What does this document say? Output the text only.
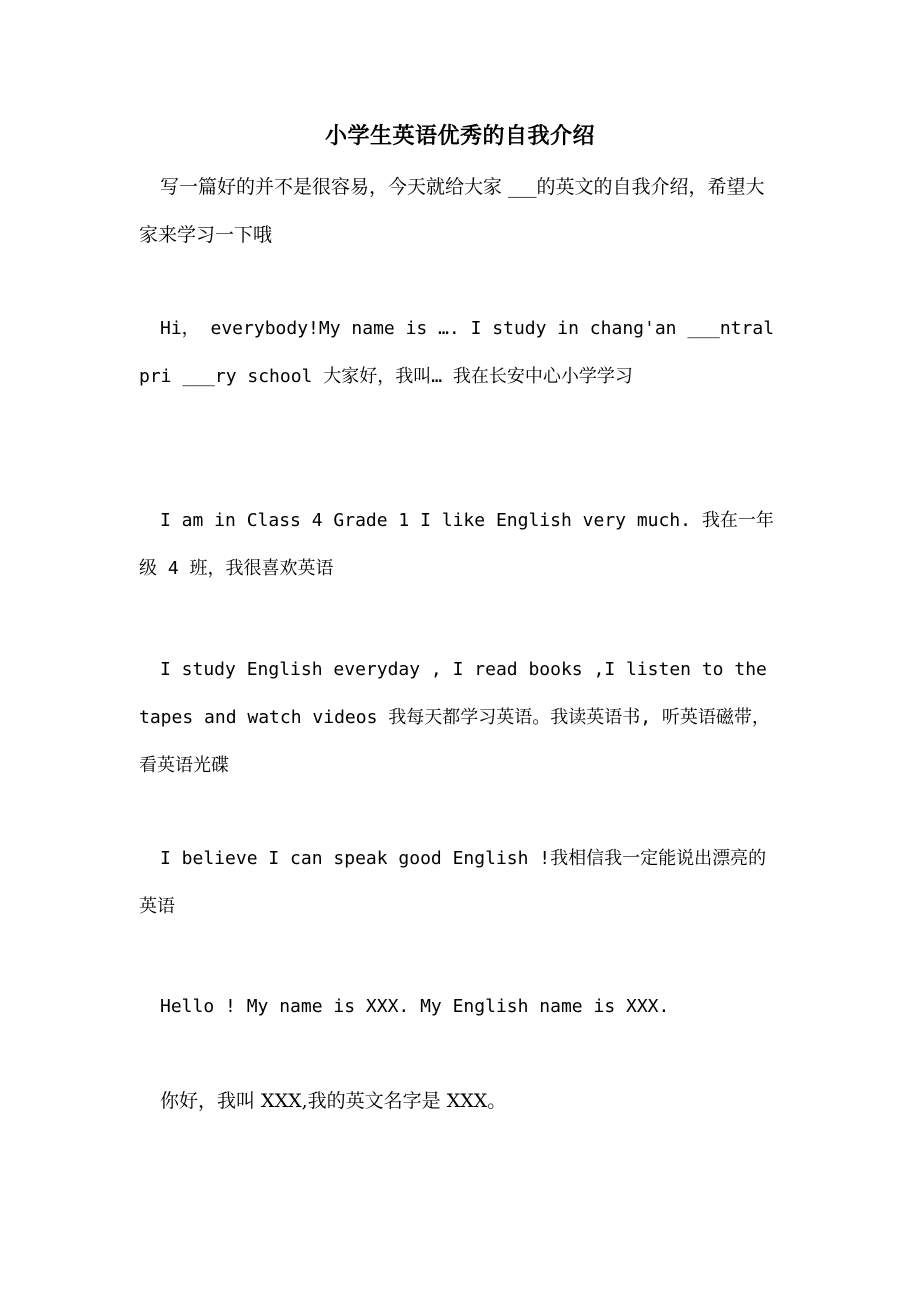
小学生英语优秀的自我介绍
写一篇好的并不是很容易，今天就给大家 ___的英文的自我介绍，希望大家来学习一下哦
Hi， everybody!My name is …. I study in chang'an ___ntral pri ___ry school 大家好，我叫… 我在长安中心小学学习
I am in Class 4 Grade 1 I like English very much. 我在一年级 4 班，我很喜欢英语
I study English everyday , I read books ,I listen to the tapes and watch videos 我每天都学习英语。我读英语书, 听英语磁带，看英语光碟
I believe I can speak good English !我相信我一定能说出漂亮的英语
Hello ! My name is XXX. My English name is XXX.
你好，我叫 XXX,我的英文名字是 XXX。
